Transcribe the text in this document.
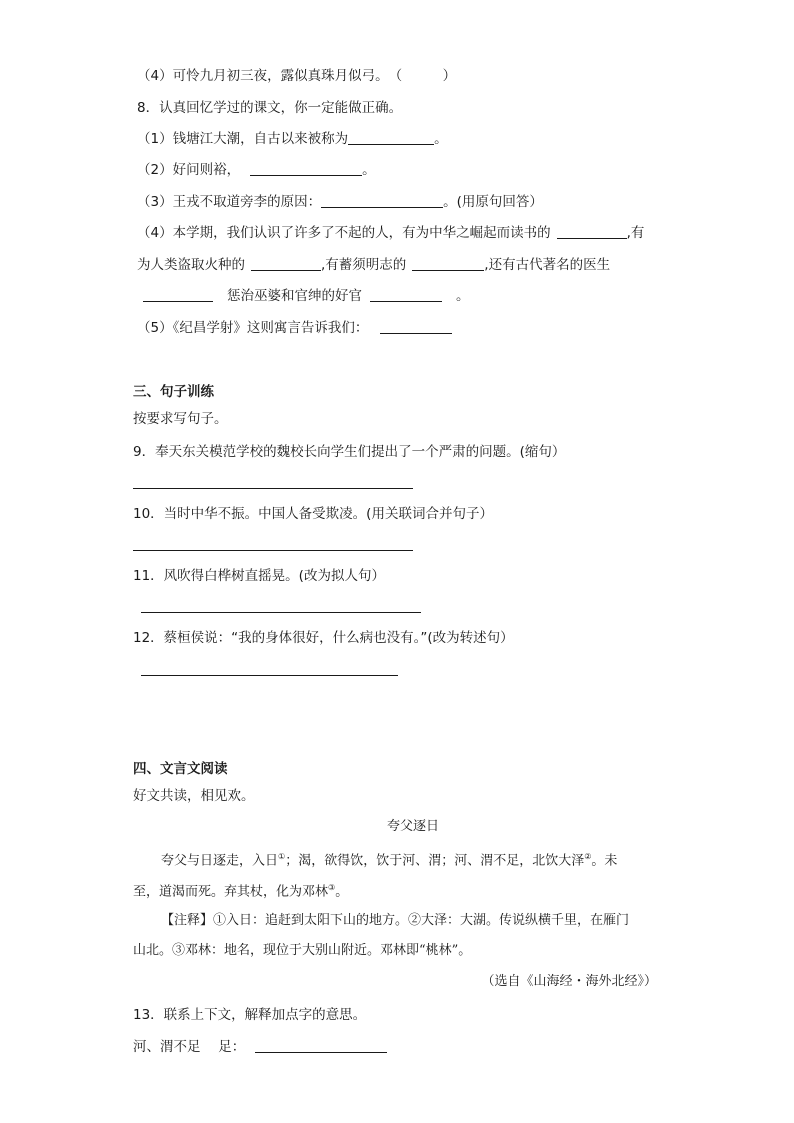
（4）可怜九月初三夜，露似真珠月似弓。　（　　　）
8．认真回忆学过的课文，你一定能做正确。
（1）钱塘江大潮，自古以来被称为	。
（2）好问则裕，	。
（3）王戎不取道旁李的原因：	。(用原句回答）
（4）本学期，我们认识了许多了不起的人，有为中华之崛起而读书的	,有
为人类盗取火种的	,有蓄须明志的	,还有古代著名的医生
惩治巫婆和官绅的好官	。
（5）《纪昌学射》这则寓言告诉我们：
三、句子训练
按要求写句子。
9．奉天东关模范学校的魏校长向学生们提出了一个严肃的问题。(缩句）
10．当时中华不振。中国人备受欺凌。(用关联词合并句子）
11．风吹得白桦树直摇晃。(改为拟人句）
12．蔡桓侯说：“我的身体很好，什么病也没有。”(改为转述句）
四、文言文阅读
好文共读，相见欢。
夸父逐日
夸父与日逐走，入日①；渴，欲得饮，饮于河、渭；河、渭不足，北饮大泽②。未
至，道渴而死。弃其杖，化为邓林③。
【注释】①入日：追赶到太阳下山的地方。②大泽：大湖。传说纵横千里，在雁门
山北。③邓林：地名，现位于大别山附近。邓林即“桃林”。
（选自《山海经・海外北经》）
13．联系上下文，解释加点字的意思。
河、渭不足　 足：
